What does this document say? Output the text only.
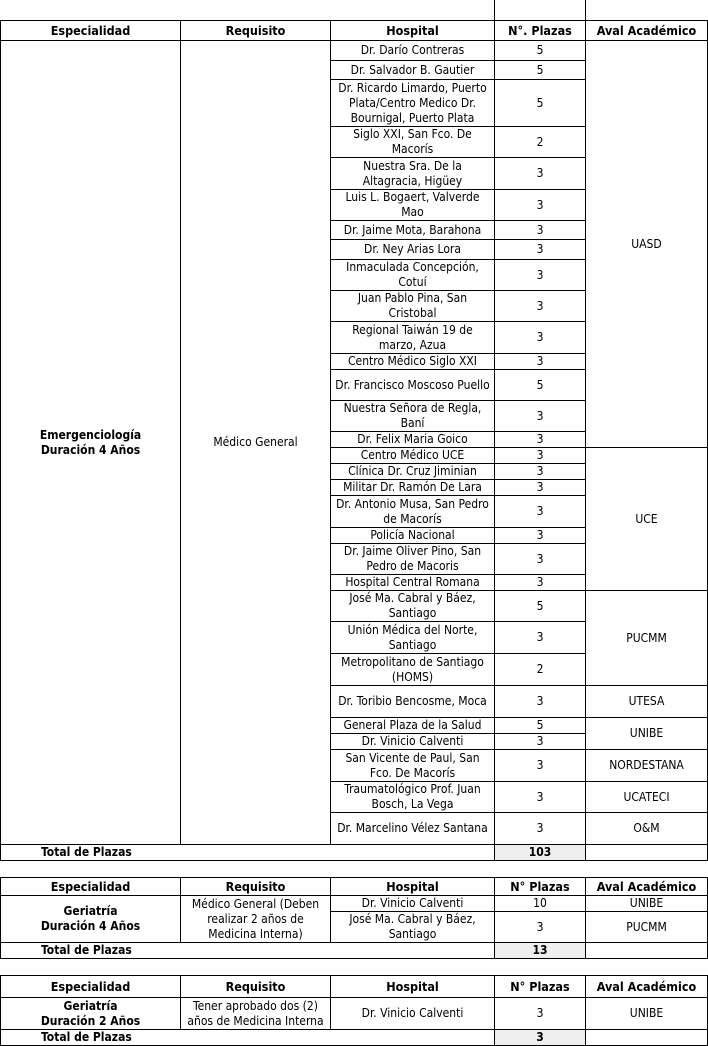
Especialidad	Requisito	Hospital	N°. Plazas	Aval Académico

Emergenciología
Duración 4 Años	Médico General	Dr. Darío Contreras	5	UASD
		Dr. Salvador B. Gautier	5	
		Dr. Ricardo Limardo, Puerto Plata/Centro Medico Dr. Bournigal, Puerto Plata	5	
		Siglo XXI, San Fco. De Macorís	2	
		Nuestra Sra. De la Altagracia, Higüey	3	
		Luis L. Bogaert, Valverde Mao	3	
		Dr. Jaime Mota, Barahona	3	
		Dr. Ney Arias Lora	3	
		Inmaculada Concepción, Cotuí	3	
		Juan Pablo Pina, San Cristobal	3	
		Regional Taiwán 19 de marzo, Azua	3	
		Centro Médico Siglo XXI	3	
		Dr. Francisco Moscoso Puello	5	
		Nuestra Señora de Regla, Baní	3	
		Dr. Felix Maria Goico	3	
		Centro Médico UCE	3	UCE
		Clínica Dr. Cruz Jiminian	3	
		Militar Dr. Ramón De Lara	3	
		Dr. Antonio Musa, San Pedro de Macorís	3	
		Policía Nacional	3	
		Dr. Jaime Oliver Pino, San Pedro de Macoris	3	
		Hospital Central Romana	3	
		José Ma. Cabral y Báez, Santiago	5	PUCMM
		Unión Médica del Norte, Santiago	3	
		Metropolitano de Santiago (HOMS)	2	
		Dr. Toribio Bencosme, Moca	3	UTESA
		General Plaza de la Salud	5	UNIBE
		Dr. Vinicio Calventi	3	
		San Vicente de Paul, San Fco. De Macorís	3	NORDESTANA
		Traumatológico Prof. Juan Bosch, La Vega	3	UCATECI
		Dr. Marcelino Vélez Santana	3	O&M
Total de Plazas			103	
Especialidad	Requisito	Hospital	N° Plazas	Aval Académico

Geriatría
Duración 4 Años	Médico General (Deben realizar 2 años de Medicina Interna)	Dr. Vinicio Calventi	10	UNIBE
		José Ma. Cabral y Báez, Santiago	3	PUCMM
Total de Plazas			13	
Especialidad	Requisito	Hospital	N° Plazas	Aval Académico

Geriatría
Duración 2 Años	Tener aprobado dos (2) años de Medicina Interna	Dr. Vinicio Calventi	3	UNIBE
Total de Plazas			3	
